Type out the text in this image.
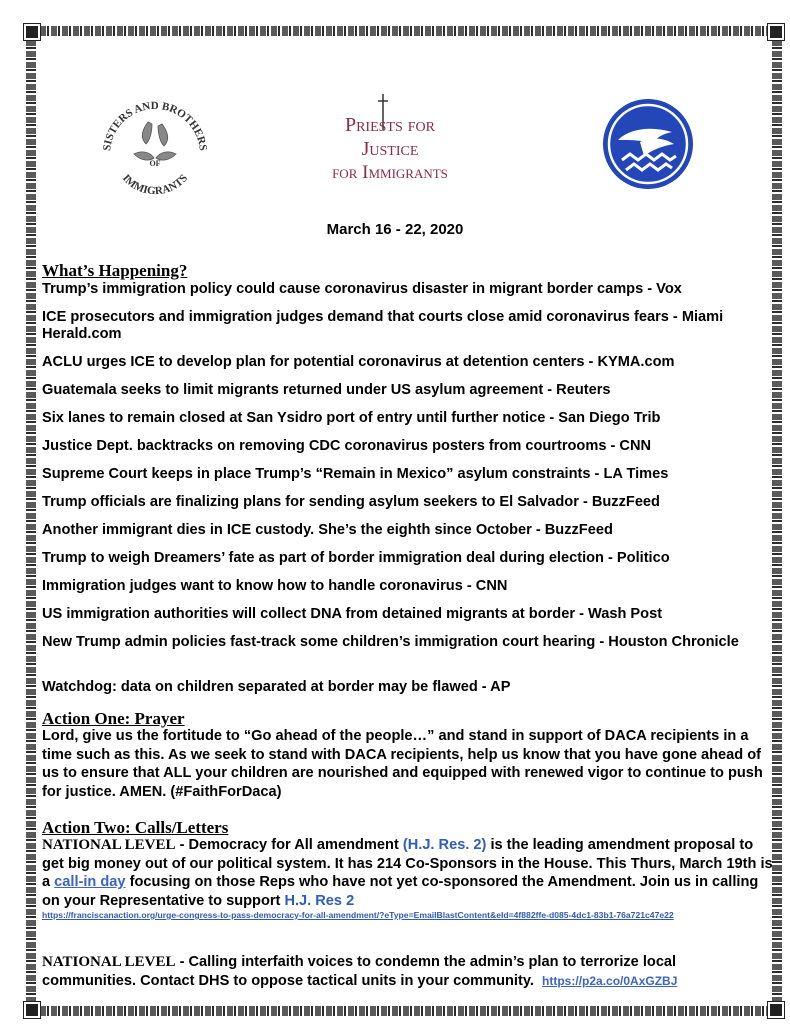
SISTERS AND BROTHERS
IMMIGRANTS
OF
Priests for
Justice
for Immigrants
March 16 - 22, 2020
What’s Happening?
Trump’s immigration policy could cause coronavirus disaster in migrant border camps - Vox
ICE prosecutors and immigration judges demand that courts close amid coronavirus fears - Miami Herald.com
ACLU urges ICE to develop plan for potential coronavirus at detention centers - KYMA.com
Guatemala seeks to limit migrants returned under US asylum agreement - Reuters
Six lanes to remain closed at San Ysidro port of entry until further notice - San Diego Trib
Justice Dept. backtracks on removing CDC coronavirus posters from courtrooms - CNN
Supreme Court keeps in place Trump’s “Remain in Mexico” asylum constraints - LA Times
Trump officials are finalizing plans for sending asylum seekers to El Salvador - BuzzFeed
Another immigrant dies in ICE custody. She’s the eighth since October - BuzzFeed
Trump to weigh Dreamers’ fate as part of border immigration deal during election - Politico
Immigration judges want to know how to handle coronavirus - CNN
US immigration authorities will collect DNA from detained migrants at border - Wash Post
New Trump admin policies fast-track some children’s immigration court hearing - Houston Chronicle
Watchdog: data on children separated at border may be flawed - AP
Action One: Prayer
Lord, give us the fortitude to “Go ahead of the people…” and stand in support of DACA recipients in a time such as this. As we seek to stand with DACA recipients, help us know that you have gone ahead of us to ensure that ALL your children are nourished and equipped with renewed vigor to continue to push for justice. AMEN. (#FaithForDaca)
Action Two: Calls/Letters
NATIONAL LEVEL - Democracy for All amendment (H.J. Res. 2) is the leading amendment proposal to get big money out of our political system. It has 214 Co-Sponsors in the House. This Thurs, March 19th is a call-in day focusing on those Reps who have not yet co-sponsored the Amendment. Join us in calling on your Representative to support H.J. Res 2
https://franciscanaction.org/urge-congress-to-pass-democracy-for-all-amendment/?eType=EmailBlastContent&eId=4f882ffe-d085-4dc1-83b1-76a721c47e22
NATIONAL LEVEL - Calling interfaith voices to condemn the admin’s plan to terrorize local communities. Contact DHS to oppose tactical units in your community. https://p2a.co/0AxGZBJ
